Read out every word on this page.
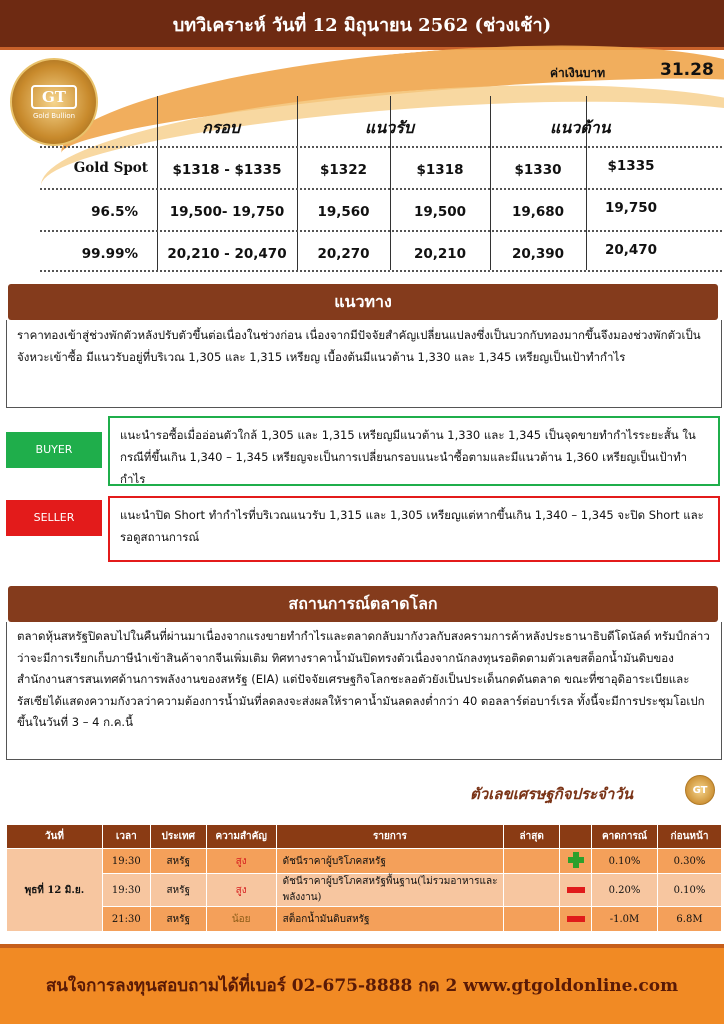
บทวิเคราะห์ วันที่ 12 มิถุนายน 2562 (ช่วงเช้า)
GT
Gold Bullion
ค่าเงินบาท	31.28
กรอบ	แนวรับ	แนวต้าน
Gold Spot	$1318 - $1335	$1322	$1318	$1330	$1335
96.5%	19,500- 19,750	19,560	19,500	19,680	19,750
99.99%	20,210 - 20,470	20,270	20,210	20,390	20,470
แนวทาง
ราคาทองเข้าสู่ช่วงพักตัวหลังปรับตัวขึ้นต่อเนื่องในช่วงก่อน เนื่องจากมีปัจจัยสำคัญเปลี่ยนแปลงซึ่งเป็นบวกกับทองมากขึ้นจึงมองช่วงพักตัวเป็นจังหวะเข้าซื้อ มีแนวรับอยู่ที่บริเวณ 1,305 และ 1,315 เหรียญ เบื้องต้นมีแนวต้าน 1,330 และ 1,345 เหรียญเป็นเป้าทำกำไร
BUYER
แนะนำรอซื้อเมื่ออ่อนตัวใกล้ 1,305 และ 1,315 เหรียญมีแนวต้าน 1,330 และ 1,345 เป็นจุดขายทำกำไรระยะสั้น ในกรณีที่ขึ้นเกิน 1,340 – 1,345 เหรียญจะเป็นการเปลี่ยนกรอบแนะนำซื้อตามและมีแนวต้าน 1,360 เหรียญเป็นเป้าทำกำไร
SELLER	แนะนำปิด Short ทำกำไรที่บริเวณแนวรับ 1,315 และ 1,305 เหรียญแต่หากขึ้นเกิน 1,340 – 1,345 จะปิด Short และรอดูสถานการณ์
สถานการณ์ตลาดโลก
ตลาดหุ้นสหรัฐปิดลบไปในคืนที่ผ่านมาเนื่องจากแรงขายทำกำไรและตลาดกลับมากังวลกับสงครามการค้าหลังประธานาธิบดีโดนัลด์ ทรัมป์กล่าวว่าจะมีการเรียกเก็บภาษีนำเข้าสินค้าจากจีนเพิ่มเติม ทิศทางราคาน้ำมันปิดทรงตัวเนื่องจากนักลงทุนรอติดตามตัวเลขสต็อกน้ำมันดิบของสำนักงานสารสนเทศด้านการพลังงานของสหรัฐ (EIA) แต่ปัจจัยเศรษฐกิจโลกชะลอตัวยังเป็นประเด็นกดดันตลาด ขณะที่ซาอุดิอาระเบียและรัสเซียได้แสดงความกังวลว่าความต้องการน้ำมันที่ลดลงจะส่งผลให้ราคาน้ำมันลดลงต่ำกว่า 40 ดอลลาร์ต่อบาร์เรล ทั้งนี้จะมีการประชุมโอเปกขึ้นในวันที่ 3 – 4 ก.ค.นี้
ตัวเลขเศรษฐกิจประจำวัน	GT
วันที่	เวลา	ประเทศ	ความสำคัญ	รายการ	ล่าสุด		คาดการณ์	ก่อนหน้า
พุธที่ 12 มิ.ย.	19:30	สหรัฐ	สูง	ดัชนีราคาผู้บริโภคสหรัฐ			0.10%	0.30%
	19:30	สหรัฐ	สูง	ดัชนีราคาผู้บริโภคสหรัฐพื้นฐาน(ไม่รวมอาหารและพลังงาน)			0.20%	0.10%
	21:30	สหรัฐ	น้อย	สต็อกน้ำมันดิบสหรัฐ			-1.0M	6.8M
สนใจการลงทุนสอบถามได้ที่เบอร์ 02-675-8888 กด 2 www.gtgoldonline.com
